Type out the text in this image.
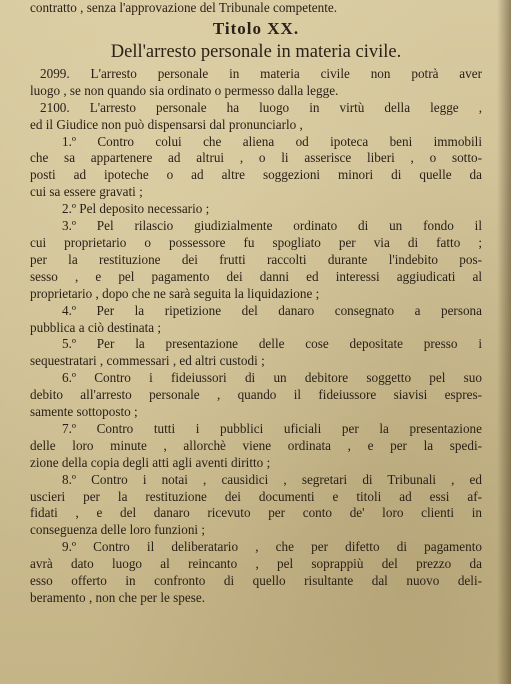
contratto , senza l'approvazione del Tribunale competente.
Titolo XX.
Dell'arresto personale in materia civile.
2099. L'arresto personale in materia civile non potrà aver
luogo , se non quando sia ordinato o permesso dalla legge.
2100. L'arresto personale ha luogo in virtù della legge ,
ed il Giudice non può dispensarsi dal pronunciarlo ,
1.º Contro colui che aliena od ipoteca beni immobili
che sa appartenere ad altrui , o li asserisce liberi , o sotto-
posti ad ipoteche o ad altre soggezioni minori di quelle da
cui sa essere gravati ;
2.º Pel deposito necessario ;
3.º Pel rilascio giudizialmente ordinato di un fondo il
cui proprietario o possessore fu spogliato per via di fatto ;
per la restituzione dei frutti raccolti durante l'indebito pos-
sesso , e pel pagamento dei danni ed interessi aggiudicati al
proprietario , dopo che ne sarà seguita la liquidazione ;
4.º Per la ripetizione del danaro consegnato a persona
pubblica a ciò destinata ;
5.º Per la presentazione delle cose depositate presso i
sequestratari , commessari , ed altri custodi ;
6.º Contro i fideiussori di un debitore soggetto pel suo
debito all'arresto personale , quando il fideiussore siavisi espres-
samente sottoposto ;
7.º Contro tutti i pubblici uficiali per la presentazione
delle loro minute , allorchè viene ordinata , e per la spedi-
zione della copia degli atti agli aventi diritto ;
8.º Contro i notai , causidici , segretari di Tribunali , ed
uscieri per la restituzione dei documenti e titoli ad essi af-
fidati , e del danaro ricevuto per conto de' loro clienti in
conseguenza delle loro funzioni ;
9.º Contro il deliberatario , che per difetto di pagamento
avrà dato luogo al reincanto , pel soprappiù del prezzo da
esso offerto in confronto di quello risultante dal nuovo deli-
beramento , non che per le spese.
